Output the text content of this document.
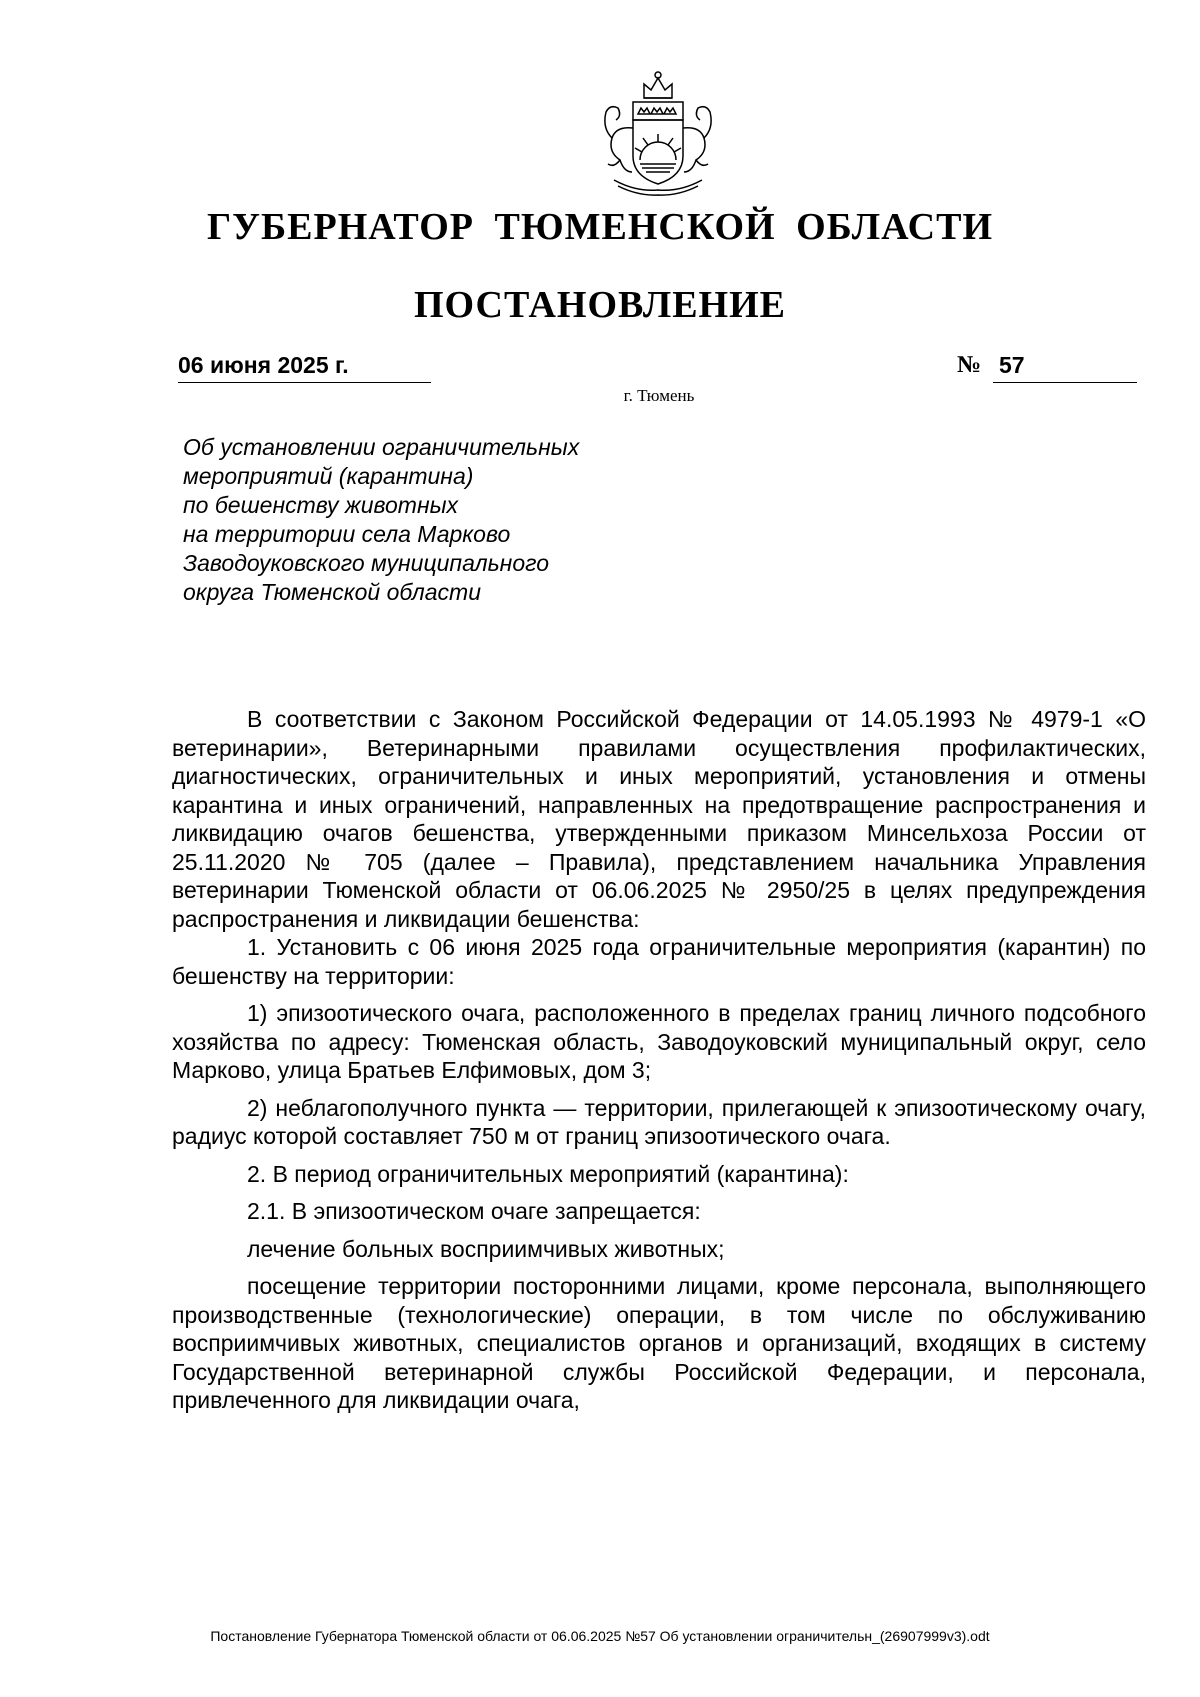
ГУБЕРНАТОР ТЮМЕНСКОЙ ОБЛАСТИ
ПОСТАНОВЛЕНИЕ
06 июня 2025 г.	№ 57
г. Тюмень
Об установлении ограничительных
мероприятий (карантина)
по бешенству животных
на территории села Марково
Заводоуковского муниципального
округа Тюменской области

В соответствии с Законом Российской Федерации от 14.05.1993 № 4979-1 «О ветеринарии», Ветеринарными правилами осуществления профилактических, диагностических, ограничительных и иных мероприятий, установления и отмены карантина и иных ограничений, направленных на предотвращение распространения и ликвидацию очагов бешенства, утвержденными приказом Минсельхоза России от 25.11.2020 № 705 (далее – Правила), представлением начальника Управления ветеринарии Тюменской области от 06.06.2025 № 2950/25 в целях предупреждения распространения и ликвидации бешенства:

1. Установить с 06 июня 2025 года ограничительные мероприятия (карантин) по бешенству на территории:

1) эпизоотического очага, расположенного в пределах границ личного подсобного хозяйства по адресу: Тюменская область, Заводоуковский муниципальный округ, село Марково, улица Братьев Елфимовых, дом 3;

2) неблагополучного пункта — территории, прилегающей к эпизоотическому очагу, радиус которой составляет 750 м от границ эпизоотического очага.

2. В период ограничительных мероприятий (карантина):

2.1. В эпизоотическом очаге запрещается:

лечение больных восприимчивых животных;

посещение территории посторонними лицами, кроме персонала, выполняющего производственные (технологические) операции, в том числе по обслуживанию восприимчивых животных, специалистов органов и организаций, входящих в систему Государственной ветеринарной службы Российской Федерации, и персонала, привлеченного для ликвидации очага,

Постановление Губернатора Тюменской области от 06.06.2025 №57 Об установлении ограничительн_(26907999v3).odt
